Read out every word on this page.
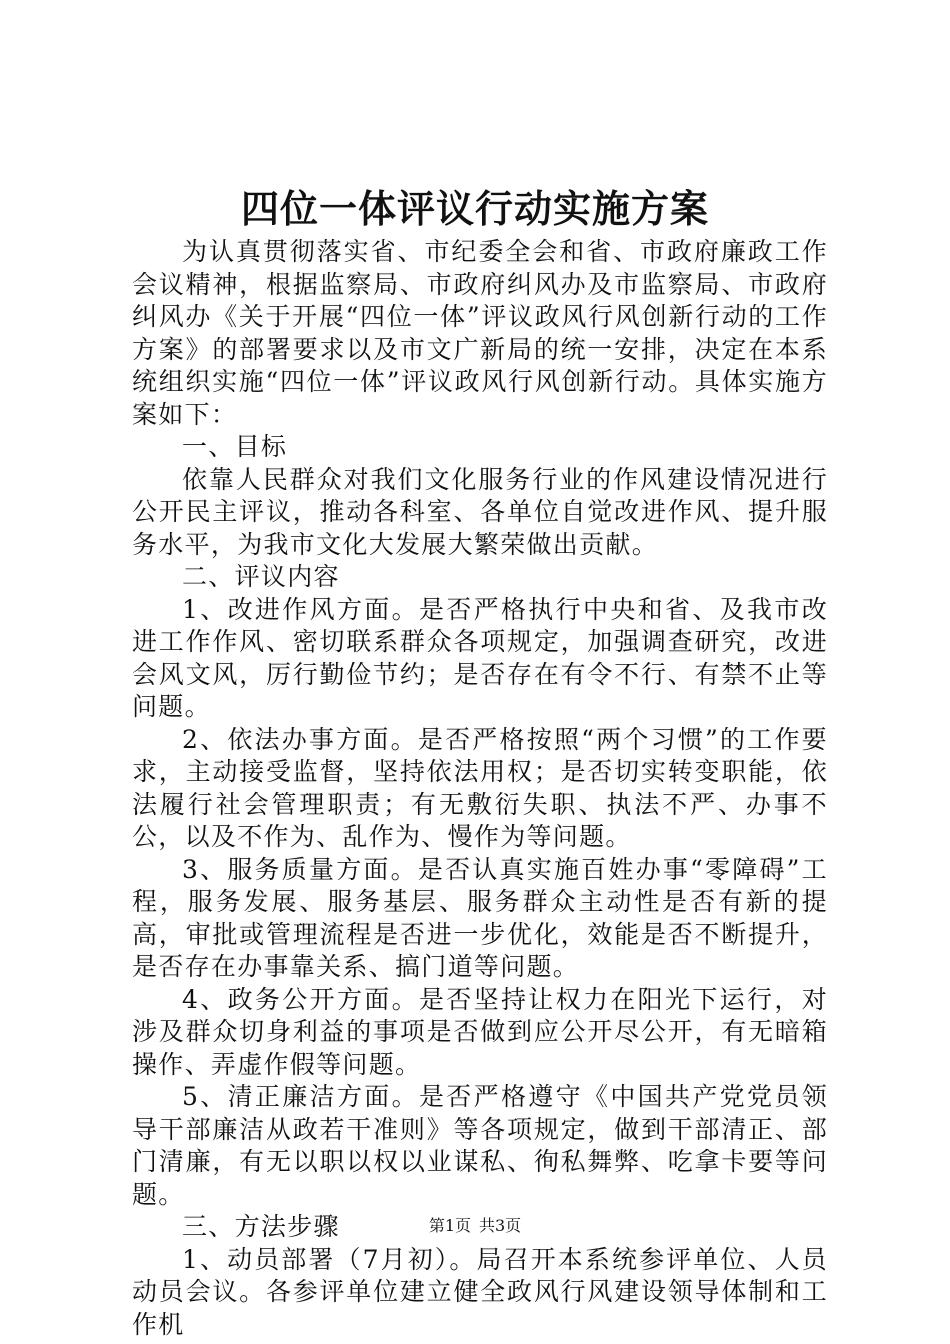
四位一体评议行动实施方案

为认真贯彻落实省、市纪委全会和省、市政府廉政工作会议精神，根据监察局、市政府纠风办及市监察局、市政府纠风办《关于开展“四位一体”评议政风行风创新行动的工作方案》的部署要求以及市文广新局的统一安排，决定在本系统组织实施“四位一体”评议政风行风创新行动。具体实施方案如下：

一、目标

依靠人民群众对我们文化服务行业的作风建设情况进行公开民主评议，推动各科室、各单位自觉改进作风、提升服务水平，为我市文化大发展大繁荣做出贡献。

二、评议内容

1、改进作风方面。是否严格执行中央和省、及我市改进工作作风、密切联系群众各项规定，加强调查研究，改进会风文风，厉行勤俭节约；是否存在有令不行、有禁不止等问题。

2、依法办事方面。是否严格按照“两个习惯”的工作要求，主动接受监督，坚持依法用权；是否切实转变职能，依法履行社会管理职责；有无敷衍失职、执法不严、办事不公，以及不作为、乱作为、慢作为等问题。

3、服务质量方面。是否认真实施百姓办事“零障碍”工程，服务发展、服务基层、服务群众主动性是否有新的提高，审批或管理流程是否进一步优化，效能是否不断提升，是否存在办事靠关系、搞门道等问题。

4、政务公开方面。是否坚持让权力在阳光下运行，对涉及群众切身利益的事项是否做到应公开尽公开，有无暗箱操作、弄虚作假等问题。

5、清正廉洁方面。是否严格遵守《中国共产党党员领导干部廉洁从政若干准则》等各项规定，做到干部清正、部门清廉，有无以职以权以业谋私、徇私舞弊、吃拿卡要等问题。

三、方法步骤

1、动员部署（7月初）。局召开本系统参评单位、人员动员会议。各参评单位建立健全政风行风建设领导体制和工作机

第1页 共3页
